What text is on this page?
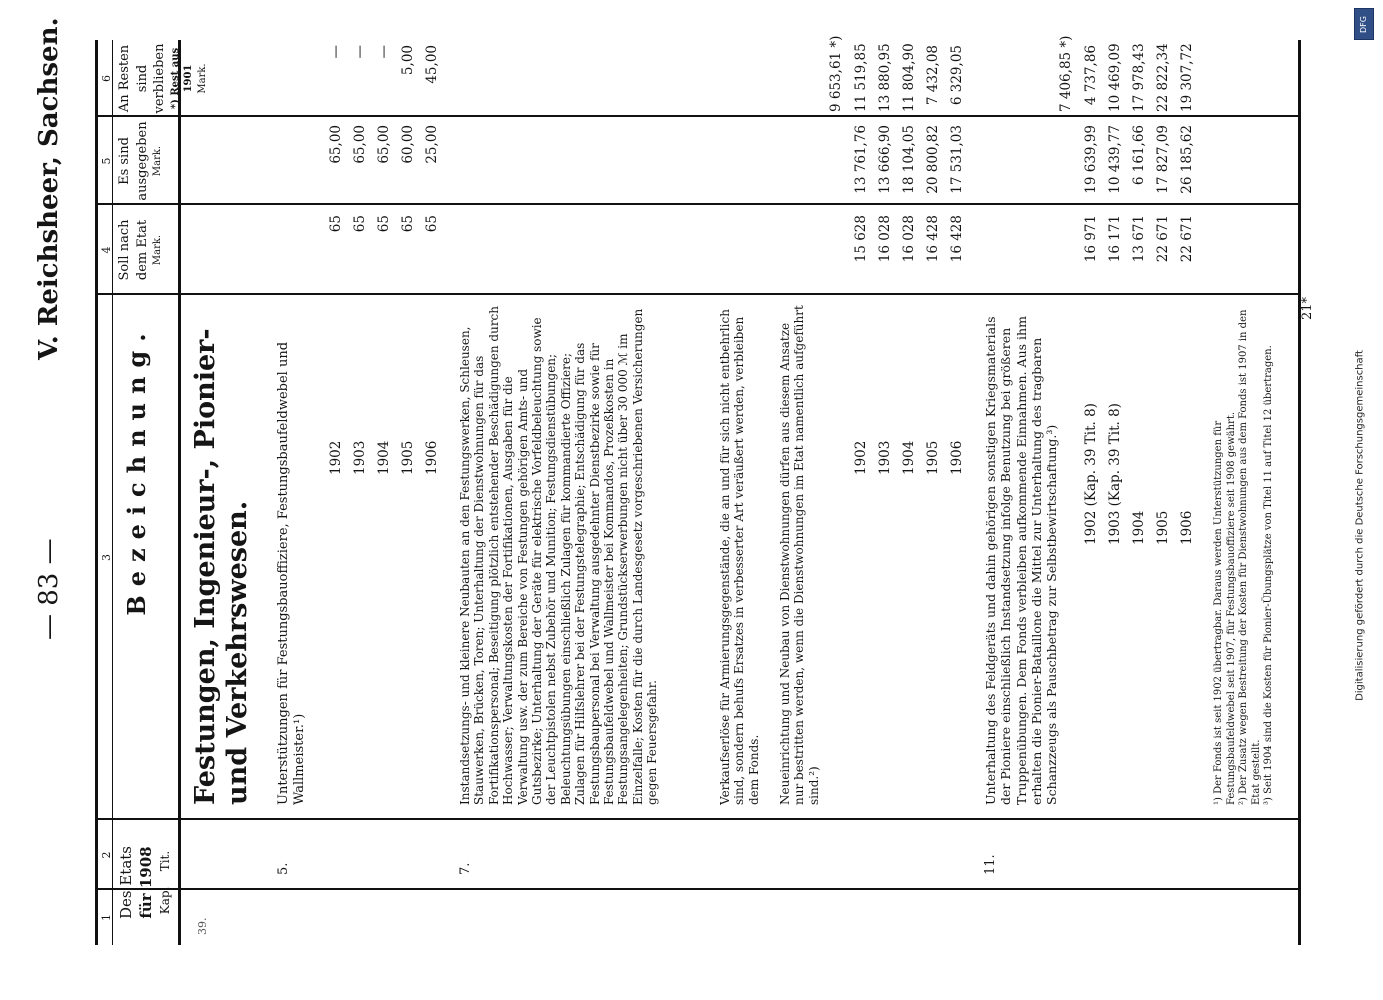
— 83 —
V. Reichsheer, Sachsen.
1
2
3
4
5
6
Des Etats für 1908 Kap.    Tit.
Bezeichnung.
Soll nach dem Etat Mark.
Es sind ausgegeben Mark.
An Resten sind verblieben *) Rest aus 1901 Mark.
39.
Festungen, Ingenieur-, Pionier- und Verkehrswesen.
5.
Unterstützungen für Festungsbauoffiziere, Festungsbaufeldwebel und Wallmeister.¹)
1902
65
65,00
—
1903
65
65,00
—
1904
65
65,00
—
1905
65
60,00
5,00
1906
65
25,00
45,00
7.
Instandsetzungs- und kleinere Neubauten an den Festungswerken, Schleusen, Stauwerken, Brücken, Toren; Unterhaltung der Dienstwohnungen für das Fortifikationspersonal; Beseitigung plötzlich entstehender Beschädigungen durch Hochwasser; Verwaltungskosten der Fortifikationen, Ausgaben für die Verwaltung usw. der zum Bereiche von Festungen gehörigen Amts- und Gutsbezirke; Unterhaltung der Geräte für elektrische Vorfeldbeleuchtung sowie der Leuchtpistolen nebst Zubehör und Munition; Festungsdienstübungen; Beleuchtungsübungen einschließlich Zulagen für kommandierte Offiziere; Zulagen für Hilfslehrer bei der Festungstelegraphie; Entschädigung für das Festungsbaupersonal bei Verwaltung ausgedehnter Dienstbezirke sowie für Festungsbaufeldwebel und Wallmeister bei Kommandos, Prozeßkosten in Festungsangelegenheiten; Grundstückserwerbungen nicht über 30 000 ℳ im Einzelfalle; Kosten für die durch Landesgesetz vorgeschriebenen Versicherungen gegen Feuersgefahr.	Verkaufserlöse für Armierungsgegenstände, die an und für sich nicht entbehrlich sind, sondern behufs Ersatzes in verbesserter Art veräußert werden, verbleiben dem Fonds. Neueinrichtung und Neubau von Dienstwohnungen dürfen aus diesem Ansatze nur bestritten werden, wenn die Dienstwohnungen im Etat namentlich aufgeführt sind.²)
9 653,61 *)
1902
15 628
13 761,76
11 519,85
1903
16 028
13 666,90
13 880,95
1904
16 028
18 104,05
11 804,90
1905
16 428
20 800,82
7 432,08
1906
16 428
17 531,03
6 329,05
11.
Unterhaltung des Feldgeräts und dahin gehörigen sonstigen Kriegsmaterials der Pioniere einschließlich Instandsetzung infolge Benutzung bei größeren Truppenübungen. Dem Fonds verbleiben aufkommende Einnahmen. Aus ihm erhalten die Pionier-Bataillone die Mittel zur Unterhaltung des tragbaren Schanzzeugs als Pauschbetrag zur Selbstbewirtschaftung.³)
7 406,85 *)
1902 (Kap. 39 Tit. 8)
16 971
19 639,99
4 737,86
1903 (Kap. 39 Tit. 8)
16 171
10 439,77
10 469,09
1904
13 671
6 161,66
17 978,43
1905
22 671
17 827,09
22 822,34
1906
22 671
26 185,62
19 307,72
¹) Der Fonds ist seit 1902 übertragbar. Daraus werden Unterstützungen für Festungsbaufeldwebel seit 1907, für Festungsbauoffiziere seit 1908 gewährt. ²) Der Zusatz wegen Bestreitung der Kosten für Dienstwohnungen aus dem Fonds ist 1907 in den Etat gestellt. ³) Seit 1904 sind die Kosten für Pionier-Übungsplätze von Titel 11 auf Titel 12 übertragen.
21*
DFG
Digitalisierung gefördert durch die Deutsche Forschungsgemeinschaft
